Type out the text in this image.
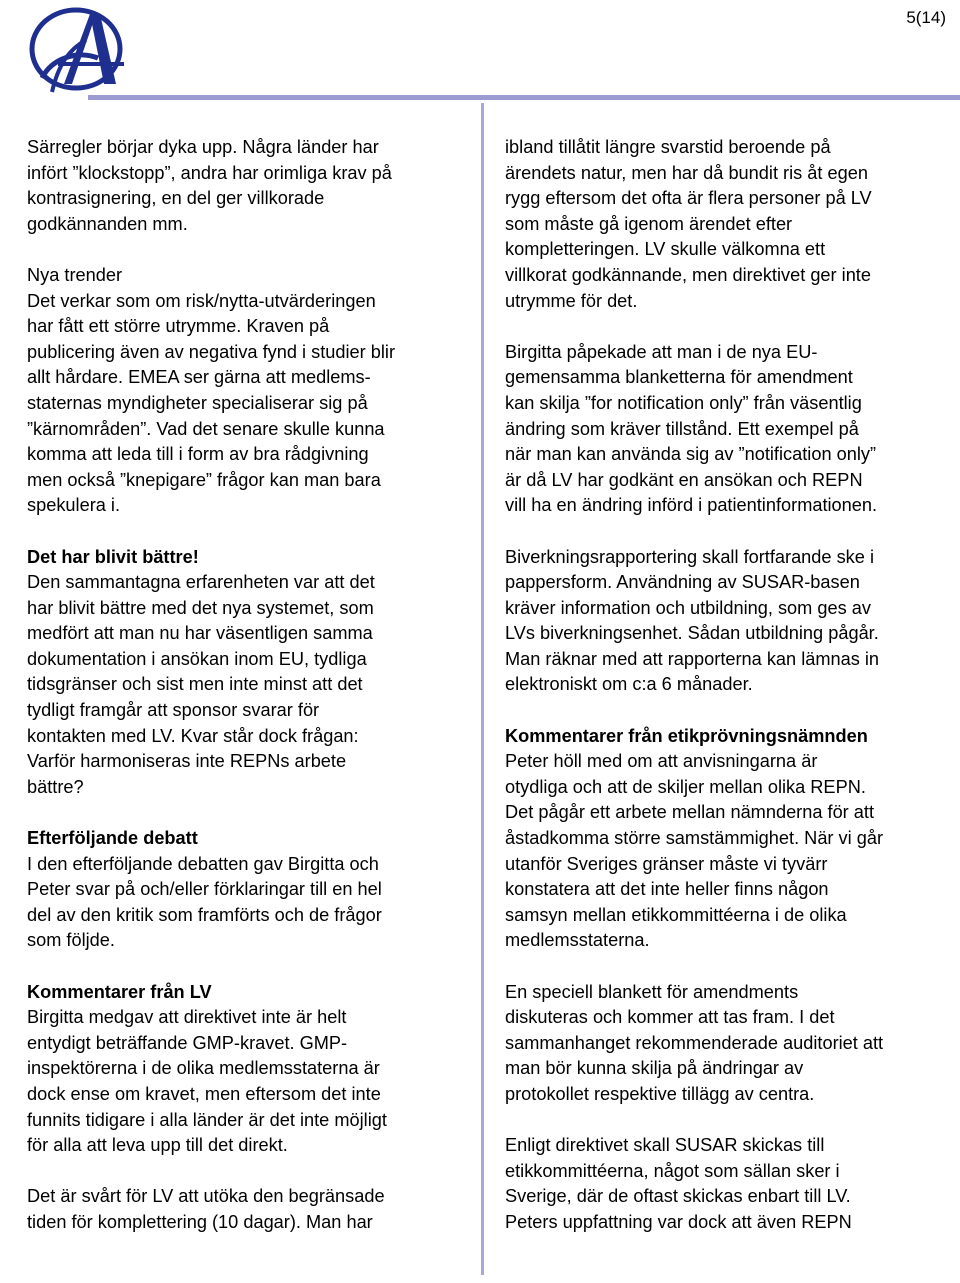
5(14)

Särregler börjar dyka upp. Några länder har
infört ”klockstopp”, andra har orimliga krav på
kontrasignering, en del ger villkorade
godkännanden mm.

Nya trender
Det verkar som om risk/nytta-utvärderingen
har fått ett större utrymme. Kraven på
publicering även av negativa fynd i studier blir
allt hårdare. EMEA ser gärna att medlems-
staternas myndigheter specialiserar sig på
”kärnområden”. Vad det senare skulle kunna
komma att leda till i form av bra rådgivning
men också ”knepigare” frågor kan man bara
spekulera i.

Det har blivit bättre!
Den sammantagna erfarenheten var att det
har blivit bättre med det nya systemet, som
medfört att man nu har väsentligen samma
dokumentation i ansökan inom EU, tydliga
tidsgränser och sist men inte minst att det
tydligt framgår att sponsor svarar för
kontakten med LV. Kvar står dock frågan:
Varför harmoniseras inte REPNs arbete
bättre?

Efterföljande debatt
I den efterföljande debatten gav Birgitta och
Peter svar på och/eller förklaringar till en hel
del av den kritik som framförts och de frågor
som följde.

Kommentarer från LV
Birgitta medgav att direktivet inte är helt
entydigt beträffande GMP-kravet. GMP-
inspektörerna i de olika medlemsstaterna är
dock ense om kravet, men eftersom det inte
funnits tidigare i alla länder är det inte möjligt
för alla att leva upp till det direkt.

Det är svårt för LV att utöka den begränsade
tiden för komplettering (10 dagar). Man har

ibland tillåtit längre svarstid beroende på
ärendets natur, men har då bundit ris åt egen
rygg eftersom det ofta är flera personer på LV
som måste gå igenom ärendet efter
kompletteringen. LV skulle välkomna ett
villkorat godkännande, men direktivet ger inte
utrymme för det.

Birgitta påpekade att man i de nya EU-
gemensamma blanketterna för amendment
kan skilja ”for notification only” från väsentlig
ändring som kräver tillstånd. Ett exempel på
när man kan använda sig av ”notification only”
är då LV har godkänt en ansökan och REPN
vill ha en ändring införd i patientinformationen.

Biverkningsrapportering skall fortfarande ske i
pappersform. Användning av SUSAR-basen
kräver information och utbildning, som ges av
LVs biverkningsenhet. Sådan utbildning pågår.
Man räknar med att rapporterna kan lämnas in
elektroniskt om c:a 6 månader.

Kommentarer från etikprövningsnämnden
Peter höll med om att anvisningarna är
otydliga och att de skiljer mellan olika REPN.
Det pågår ett arbete mellan nämnderna för att
åstadkomma större samstämmighet. När vi går
utanför Sveriges gränser måste vi tyvärr
konstatera att det inte heller finns någon
samsyn mellan etikkommittéerna i de olika
medlemsstaterna.

En speciell blankett för amendments
diskuteras och kommer att tas fram. I det
sammanhanget rekommenderade auditoriet att
man bör kunna skilja på ändringar av
protokollet respektive tillägg av centra.

Enligt direktivet skall SUSAR skickas till
etikkommittéerna, något som sällan sker i
Sverige, där de oftast skickas enbart till LV.
Peters uppfattning var dock att även REPN
